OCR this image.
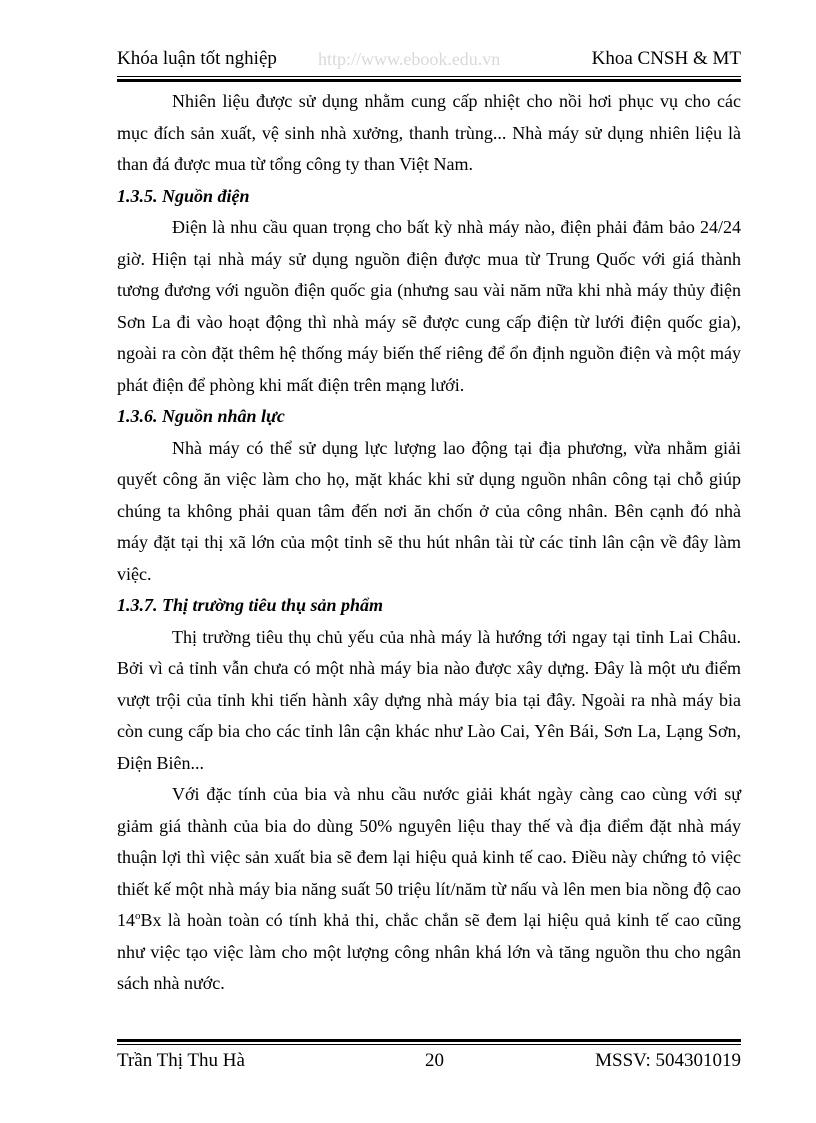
Khóa luận tốt nghiệp http://www.ebook.edu.vn	Khoa CNSH & MT

Nhiên liệu được sử dụng nhằm cung cấp nhiệt cho nồi hơi phục vụ cho các mục đích sản xuất, vệ sinh nhà xưởng, thanh trùng... Nhà máy sử dụng nhiên liệu là than đá được mua từ tổng công ty than Việt Nam.

1.3.5. Nguồn điện

Điện là nhu cầu quan trọng cho bất kỳ nhà máy nào, điện phải đảm bảo 24/24 giờ. Hiện tại nhà máy sử dụng nguồn điện được mua từ Trung Quốc với giá thành tương đương với nguồn điện quốc gia (nhưng sau vài năm nữa khi nhà máy thủy điện Sơn La đi vào hoạt động thì nhà máy sẽ được cung cấp điện từ lưới điện quốc gia), ngoài ra còn đặt thêm hệ thống máy biến thế riêng để ổn định nguồn điện và một máy phát điện để phòng khi mất điện trên mạng lưới.

1.3.6. Nguồn nhân lực

Nhà máy có thể sử dụng lực lượng lao động tại địa phương, vừa nhằm giải quyết công ăn việc làm cho họ, mặt khác khi sử dụng nguồn nhân công tại chỗ giúp chúng ta không phải quan tâm đến nơi ăn chốn ở của công nhân. Bên cạnh đó nhà máy đặt tại thị xã lớn của một tỉnh sẽ thu hút nhân tài từ các tỉnh lân cận về đây làm việc.

1.3.7. Thị trường tiêu thụ sản phẩm

Thị trường tiêu thụ chủ yếu của nhà máy là hướng tới ngay tại tỉnh Lai Châu. Bởi vì cả tỉnh vẫn chưa có một nhà máy bia nào được xây dựng. Đây là một ưu điểm vượt trội của tỉnh khi tiến hành xây dựng nhà máy bia tại đây. Ngoài ra nhà máy bia còn cung cấp bia cho các tỉnh lân cận khác như Lào Cai, Yên Bái, Sơn La, Lạng Sơn, Điện Biên...

Với đặc tính của bia và nhu cầu nước giải khát ngày càng cao cùng với sự giảm giá thành của bia do dùng 50% nguyên liệu thay thế và địa điểm đặt nhà máy thuận lợi thì việc sản xuất bia sẽ đem lại hiệu quả kinh tế cao. Điều này chứng tỏ việc thiết kế một nhà máy bia năng suất 50 triệu lít/năm từ nấu và lên men bia nồng độ cao 14$^o$Bx là hoàn toàn có tính khả thi, chắc chắn sẽ đem lại hiệu quả kinh tế cao cũng như việc tạo việc làm cho một lượng công nhân khá lớn và tăng nguồn thu cho ngân sách nhà nước.

Trần Thị Thu Hà	20	MSSV: 504301019
